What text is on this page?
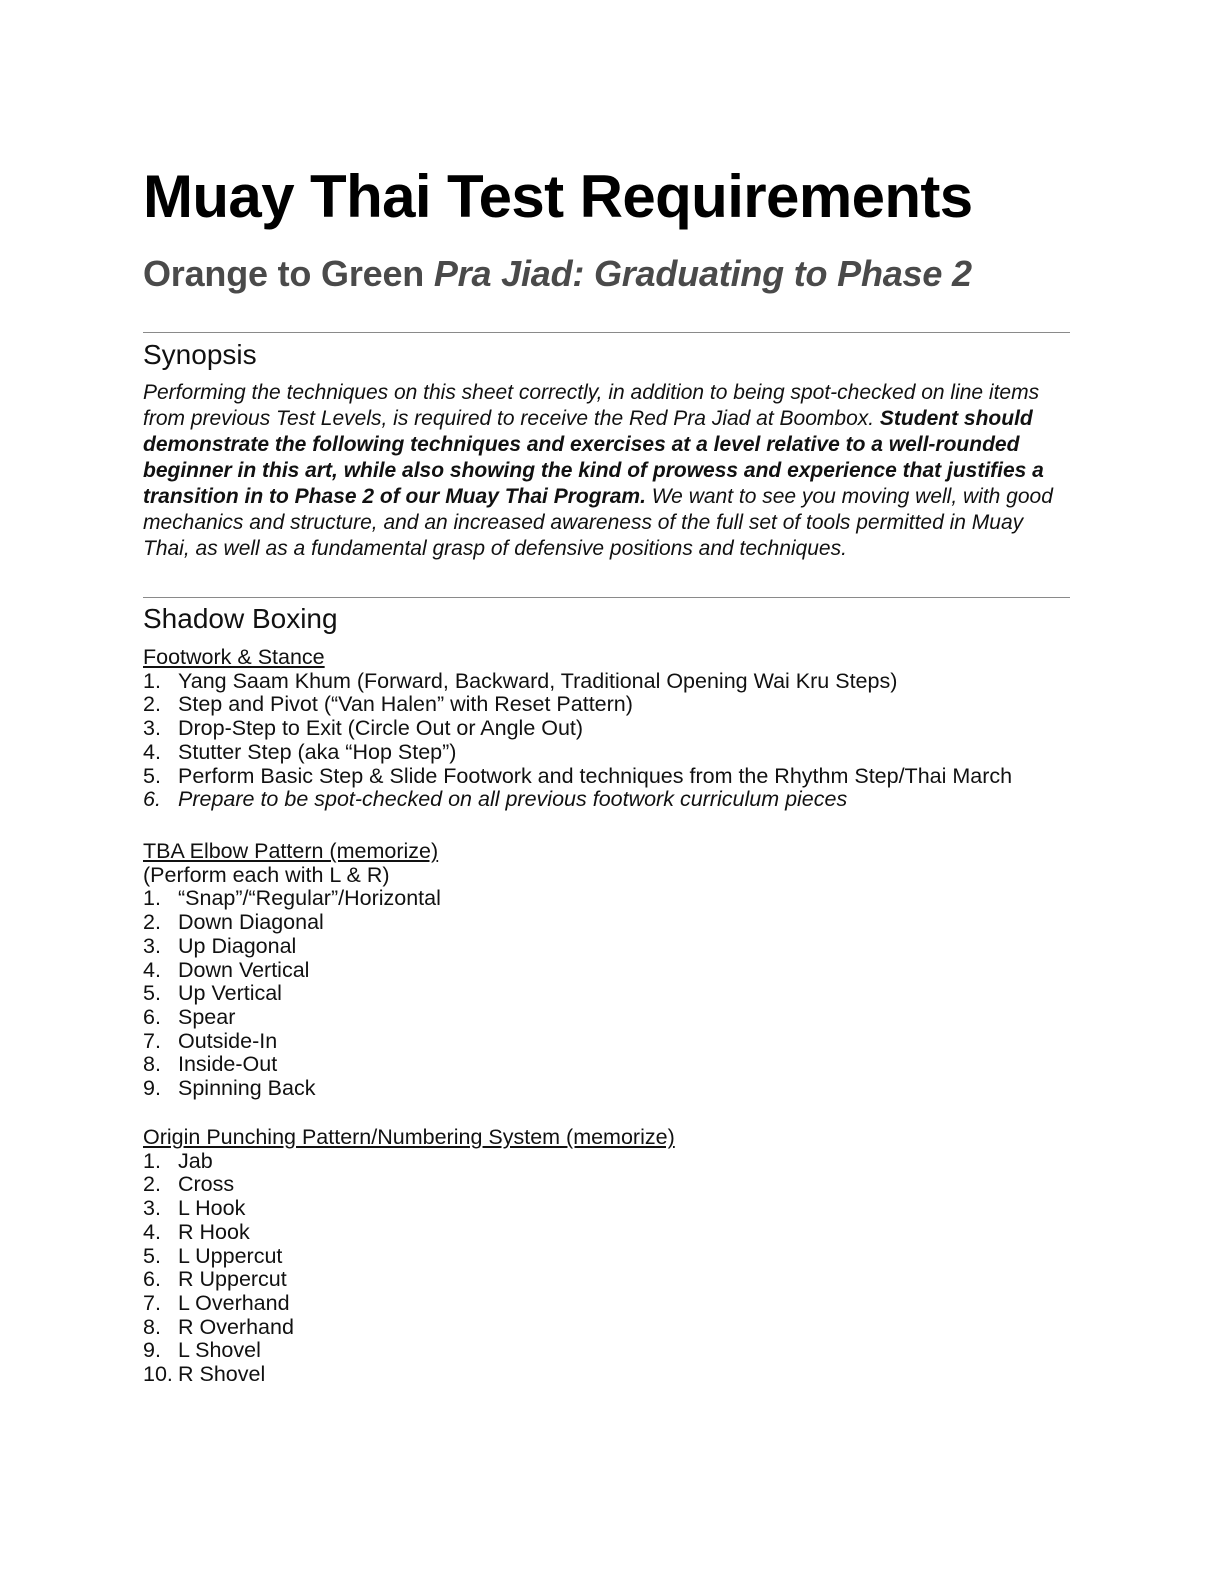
Muay Thai Test Requirements
Orange to Green Pra Jiad: Graduating to Phase 2
Synopsis

Performing the techniques on this sheet correctly, in addition to being spot-checked on line items from previous Test Levels, is required to receive the Red Pra Jiad at Boombox. Student should demonstrate the following techniques and exercises at a level relative to a well-rounded beginner in this art, while also showing the kind of prowess and experience that justifies a transition in to Phase 2 of our Muay Thai Program. We want to see you moving well, with good mechanics and structure, and an increased awareness of the full set of tools permitted in Muay Thai, as well as a fundamental grasp of defensive positions and techniques.

Shadow Boxing
Footwork & Stance
1. Yang Saam Khum (Forward, Backward, Traditional Opening Wai Kru Steps)
2. Step and Pivot (“Van Halen” with Reset Pattern)
3. Drop-Step to Exit (Circle Out or Angle Out)
4. Stutter Step (aka “Hop Step”)
5. Perform Basic Step & Slide Footwork and techniques from the Rhythm Step/Thai March
6. Prepare to be spot-checked on all previous footwork curriculum pieces
TBA Elbow Pattern (memorize)
(Perform each with L & R)
1. “Snap”/“Regular”/Horizontal
2. Down Diagonal
3. Up Diagonal
4. Down Vertical
5. Up Vertical
6. Spear
7. Outside-In
8. Inside-Out
9. Spinning Back
Origin Punching Pattern/Numbering System (memorize)
1. Jab
2. Cross
3. L Hook
4. R Hook
5. L Uppercut
6. R Uppercut
7. L Overhand
8. R Overhand
9. L Shovel
10. R Shovel
